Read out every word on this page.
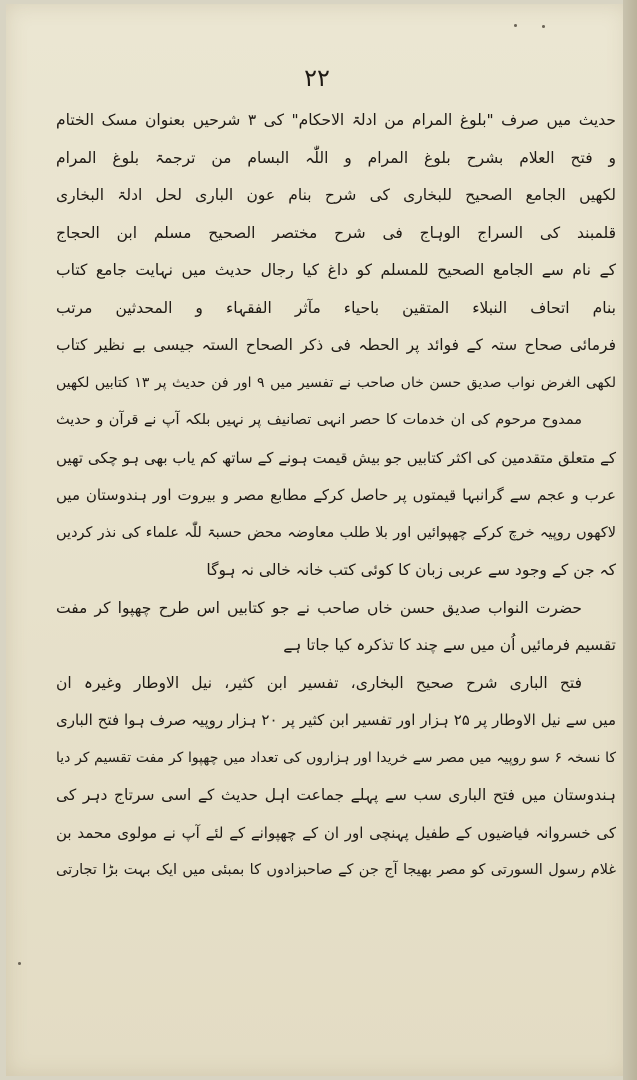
۲۲
حدیث میں صرف "بلوغ المرام من ادلۃ الاحکام" کی ۳ شرحیں بعنوان مسک الختام
و فتح العلام بشرح بلوغ المرام و اللّٰہ البسام من ترجمۃ بلوغ المرام
لکھیں الجامع الصحیح للبخاری کی شرح بنام عون الباری لحل ادلۃ البخاری
قلمبند کی السراج الوہاج فی شرح مختصر الصحیح مسلم ابن الحجاج
کے نام سے الجامع الصحیح للمسلم کو داغ کیا رجال حدیث میں نہایت جامع کتاب
بنام اتحاف النبلاء المتقین باحیاء مآثر الفقہاء و المحدثین مرتب
فرمائی صحاح ستہ کے فوائد پر الحطہ فی ذکر الصحاح الستہ جیسی بے نظیر کتاب
لکھی الغرض نواب صدیق حسن خاں صاحب نے تفسیر میں ۹ اور فن حدیث پر ۱۳ کتابیں لکھیں
ممدوح مرحوم کی ان خدمات کا حصر انہی تصانیف پر نہیں بلکہ آپ نے قرآن و حدیث
کے متعلق متقدمین کی اکثر کتابیں جو بیش قیمت ہونے کے ساتھ کم یاب بھی ہو چکی تھیں
عرب و عجم سے گرانبہا قیمتوں پر حاصل کرکے مطابع مصر و بیروت اور ہندوستان میں
لاکھوں روپیہ خرچ کرکے چھپوائیں اور بلا طلب معاوضہ محض حسبۃ للّٰہ علماء کی نذر کردیں
کہ جن کے وجود سے عربی زبان کا کوئی کتب خانہ خالی نہ ہوگا
حضرت النواب صدیق حسن خاں صاحب نے جو کتابیں اس طرح چھپوا کر مفت
تقسیم فرمائیں اُن میں سے چند کا تذکرہ کیا جاتا ہے
فتح الباری شرح صحیح البخاری، تفسیر ابن کثیر، نیل الاوطار وغیرہ ان
میں سے نیل الاوطار پر ۲۵ ہزار اور تفسیر ابن کثیر پر ۲۰ ہزار روپیہ صرف ہوا فتح الباری
کا نسخہ ۶ سو روپیہ میں مصر سے خریدا اور ہزاروں کی تعداد میں چھپوا کر مفت تقسیم کر دیا
ہندوستان میں فتح الباری سب سے پہلے جماعت اہل حدیث کے اسی سرتاج دہر کی
کی خسروانہ فیاضیوں کے طفیل پہنچی اور ان کے چھپوانے کے لئے آپ نے مولوی محمد بن
غلام رسول السورتی کو مصر بھیجا آج جن کے صاحبزادوں کا بمبئی میں ایک بہت بڑا تجارتی
